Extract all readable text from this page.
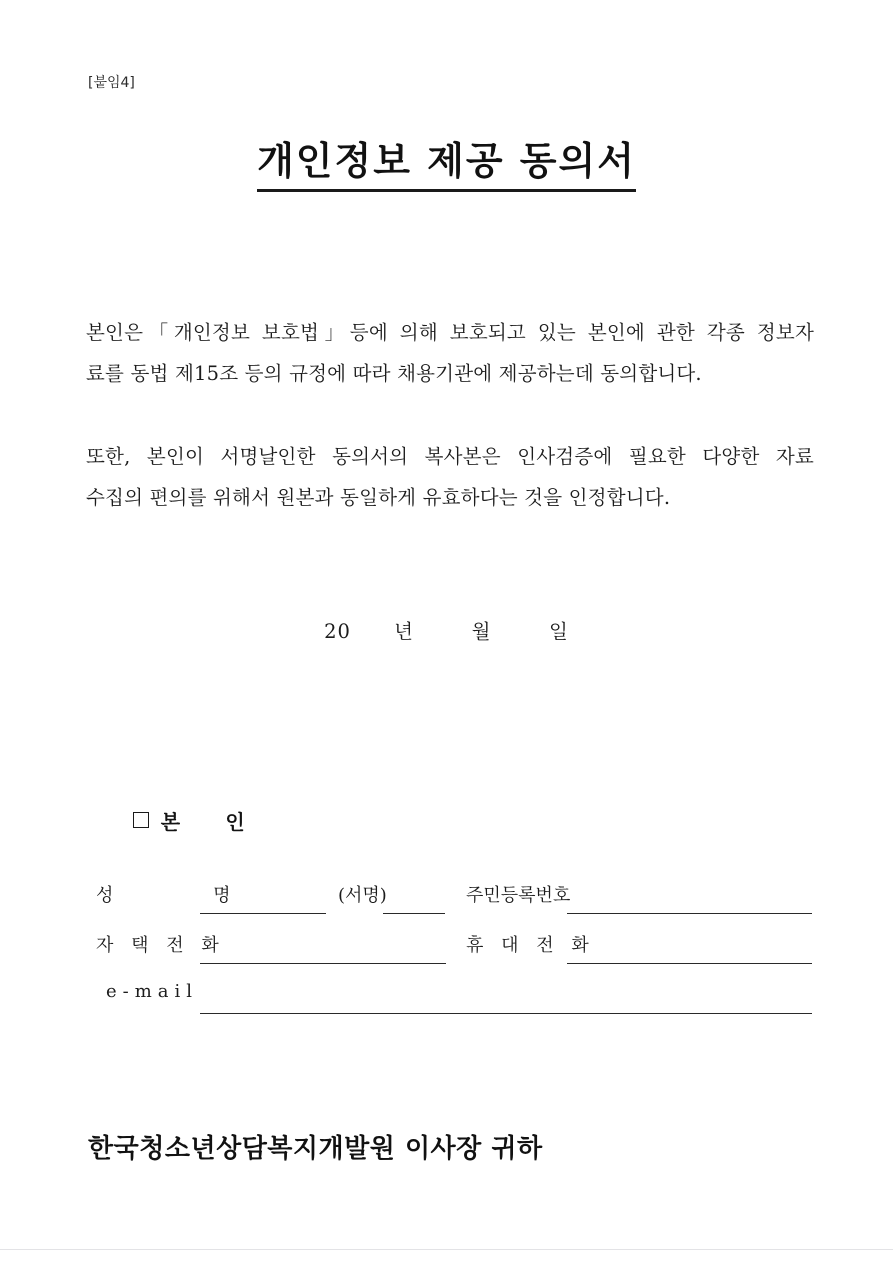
[붙임4]
개인정보 제공 동의서

본인은「개인정보 보호법」등에 의해 보호되고 있는 본인에 관한 각종 정보자
료를 동법 제15조 등의 규정에 따라 채용기관에 제공하는데 동의합니다.

또한, 본인이 서명날인한 동의서의 복사본은 인사검증에 필요한 다양한 자료
수집의 편의를 위해서 원본과 동일하게 유효하다는 것을 인정합니다.

20      년        월        일

본      인

성        명	(서명)	주민등록번호
자 택 전 화	휴 대 전 화
e-mail
한국청소년상담복지개발원 이사장 귀하
